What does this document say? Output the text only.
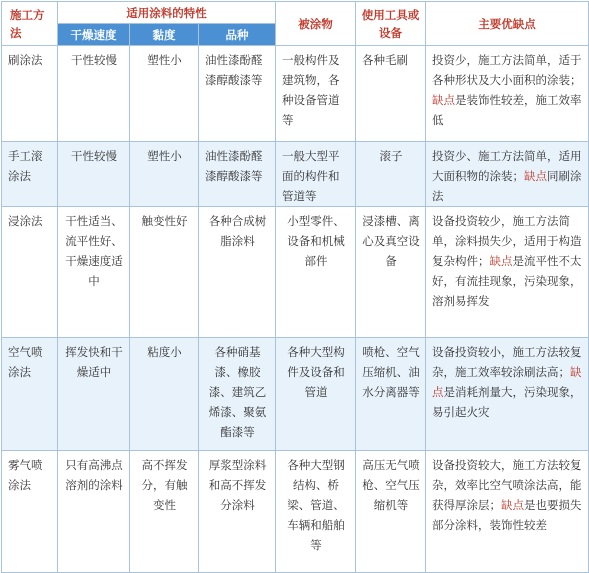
施工方法	适用涂料的特性			被涂物	使用工具或设备	主要优缺点
	干燥速度	黏度	品种			
刷涂法	干性较慢	塑性小	油性漆酚醛漆醇酸漆等	一般构件及建筑物，各种设备管道等	各种毛刷	投资少，施工方法简单，适于各种形状及大小面积的涂装；缺点是装饰性较差，施工效率低
手工滚涂法	干性较慢	塑性小	油性漆酚醛漆醇酸漆等	一般大型平面的构件和管道等	滚子	投资少、施工方法简单，适用大面积物的涂装；缺点同刷涂法
浸涂法	干性适当、流平性好、干燥速度适中	触变性好	各种合成树脂涂料	小型零件、设备和机械部件	浸漆槽、离心及真空设备	设备投资较少，施工方法简单，涂料损失少，适用于构造复杂构件；缺点是流平性不太好，有流挂现象，污染现象，溶剂易挥发
空气喷涂法	挥发快和干燥适中	粘度小	各种硝基漆、橡胶漆、建筑乙烯漆、聚氨酯漆等	各种大型构件及设备和管道	喷枪、空气压缩机、油水分离器等	设备投资较小，施工方法较复杂，施工效率较涂刷法高；缺点是消耗剂量大，污染现象，易引起火灾
雾气喷涂法	只有高沸点溶剂的涂料	高不挥发分，有触变性	厚浆型涂料和高不挥发分涂料	各种大型钢结构、桥梁、管道、车辆和船舶等	高压无气喷枪、空气压缩机等	设备投资较大，施工方法较复杂，效率比空气喷涂法高，能获得厚涂层；缺点是也要损失部分涂料，装饰性较差
